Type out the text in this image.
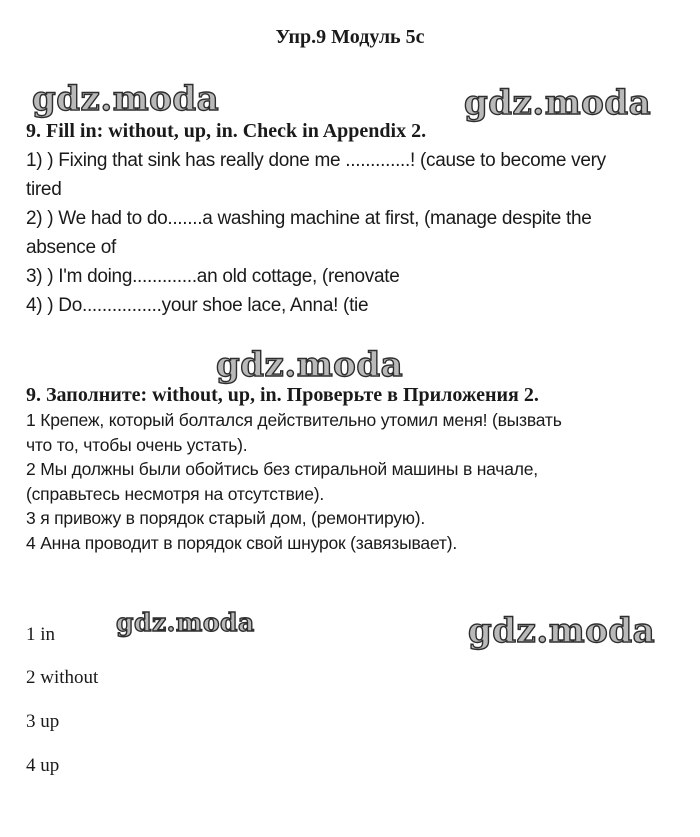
Упр.9 Модуль 5с
gdz.moda	gdz.moda
gdz.moda
gdz.moda	gdz.moda
9. Fill in: without, up, in. Check in Appendix 2.
1) ) Fixing that sink has really done me .............! (cause to become very
tired
2) ) We had to do.......a washing machine at first, (manage despite the
absence of
3) ) I'm doing.............an old cottage, (renovate
4) ) Do................your shoe lace, Anna! (tie
9. Заполните: without, up, in. Проверьте в Приложения 2.
1 Крепеж, который болтался действительно утомил меня! (вызвать
что то, чтобы очень устать).
2 Мы должны были обойтись без стиральной машины в начале,
(справьтесь несмотря на отсутствие).
3 я привожу в порядок старый дом, (ремонтирую).
4 Анна проводит в порядок свой шнурок (завязывает).
1 in
2 without
3 up
4 up
